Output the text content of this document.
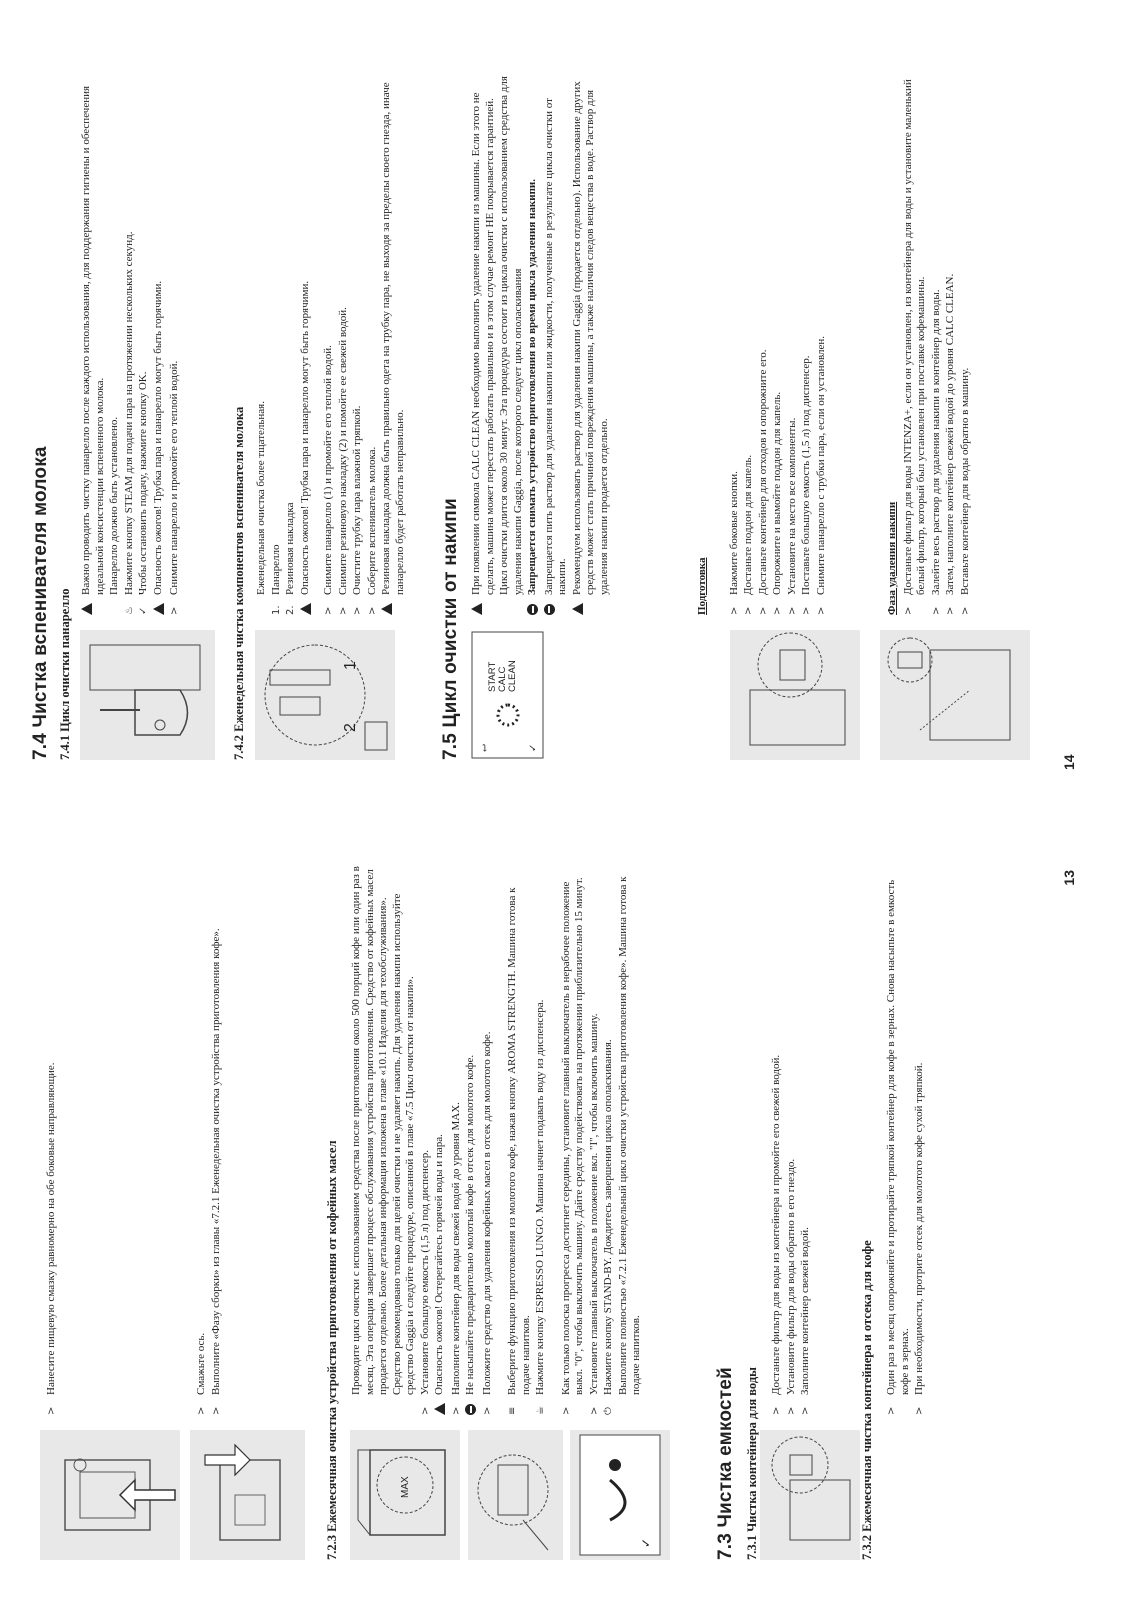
>
Нанесите пищевую смазку равномерно на обе боковые направляющие.
>
Смажьте ось.
>
Выполните «Фазу сборки» из главы «7.2.1 Еженедельная очистка устройства приготовления кофе».	7.2.3 Ежемесячная очистка устройства приготовления от кофейных масел	MAX
✓
Проводите цикл очистки с использованием средства после приготовления около 500 порций кофе или один раз в месяц. Эта операция завершает процесс обслуживания устройства приготовления. Средство от кофейных масел продается отдельно. Более детальная информация изложена в главе «10.1 Изделия для техобслуживания». Средство рекомендовано только для целей очистки и не удаляет накипь. Для удаления накипи используйте средство Gaggia и следуйте процедуре, описанной в главе «7.5 Цикл очистки от накипи».
>
Установите большую емкость (1,5 л) под диспенсер. Опасность ожогов! Остерегайтесь горячей воды и пара.
>
Наполните контейнер для воды свежей водой до уровня MAX. Не насыпайте предварительно молотый кофе в отсек для молотого кофе.
>
Положите средство для удаления кофейных масел в отсек для молотого кофе.
≡
Выберите функцию приготовления из молотого кофе, нажав кнопку AROMA STRENGTH. Машина готова к подаче напитков.
☕
Нажмите кнопку ESPRESSO LUNGO. Машина начнет подавать воду из диспенсера.
>
Как только полоска прогресса достигнет середины, установите главный выключатель в нерабочее положение выкл. "0", чтобы выключить машину. Дайте средству подействовать на протяжении приблизительно 15 минут.
>
Установите главный выключатель в положение вкл. "I", чтобы включить машину.
⏻
Нажмите кнопку STAND-BY. Дождитесь завершения цикла ополаскивания. Выполните полностью «7.2.1 Еженедельный цикл очистки устройства приготовления кофе». Машина готова к подаче напитков.
7.3 Чистка емкостей 7.3.1 Чистка контейнера для воды >
Достаньте фильтр для воды из контейнера и промойте его свежей водой.
>
Установите фильтр для воды обратно в его гнездо.
>
Заполните контейнер свежей водой.	7.3.2 Ежемесячная чистка контейнера и отсека для кофе >
Один раз в месяц опорожняйте и протирайте тряпкой контейнер для кофе в зернах. Снова насыпьте в емкость кофе в зернах.
>
При необходимости, протрите отсек для молотого кофе сухой тряпкой.
13
7.4 Чистка вспенивателя молока 7.4.1 Цикл очистки панарелло
Важно проводить чистку панарелло после каждого использования, для поддержания гигиены и обеспечения идеальной консистенции вспененного молока. Панарелло должно быть установлено.
♨
Нажмите кнопку STEAM для подачи пара на протяжении нескольких секунд.
✓
Чтобы остановить подачу, нажмите кнопку OK. Опасность ожогов! Трубка пара и панарелло могут быть горячими.
>
Снимите панарелло и промойте его теплой водой.	7.4.2 Еженедельная чистка компонентов вспенивателя молока	2
1
Еженедельная очистка более тщательная.
1.
Панарелло
2.
Резиновая накладка Опасность ожогов! Трубка пара и панарелло могут быть горячими.
>
Снимите панарелло (1) и промойте его теплой водой.
>
Снимите резиновую накладку (2) и помойте ее свежей водой.
>
Очистите трубку пара влажной тряпкой.
>
Соберите вспениватель молока. Резиновая накладка должна быть правильно одета на трубку пара, не выходя за пределы своего гнезда, иначе панарелло будет работать неправильно. 7.5 Цикл очистки от накипи ↩	✓
START CALC CLEAN
При появлении символа CALC CLEAN необходимо выполнить удаление накипи из машины. Если этого не сделать, машина может перестать работать правильно и в этом случае ремонт НЕ покрывается гарантией. Цикл очистки длится около 30 минут. Эта процедура состоит из цикла очистки с использованием средства для удаления накипи Gaggia, после которого следует цикл ополаскивания Запрещается снимать устройство приготовления во время цикла удаления накипи. Запрещается пить раствор для удаления накипи или жидкости, полученные в результате цикла очистки от накипи. Рекомендуем использовать раствор для удаления накипи Gaggia (продается отдельно). Использование других средств может стать причиной повреждения машины, а также наличия следов вещества в воде. Раствор для удаления накипи продается отдельно.	Подготовка >
Нажмите боковые кнопки.
>
Достаньте поддон для капель.
>
Достаньте контейнер для отходов и опорожните его.
>
Опорожните и вымойте поддон для капель.
>
Установите на место все компоненты.
>
Поставьте большую емкость (1,5 л) под диспенсер.
>
Снимите панарелло с трубки пара, если он установлен.	Фаза удаления накипи >
Достаньте фильтр для воды INTENZA+, если он установлен, из контейнера для воды и установите маленький белый фильтр, который был установлен при поставке кофемашины.
>
Залейте весь раствор для удаления накипи в контейнер для воды.
>
Затем, наполните контейнер свежей водой до уровня CALC CLEAN.
>
Вставьте контейнер для воды обратно в машину.
14
